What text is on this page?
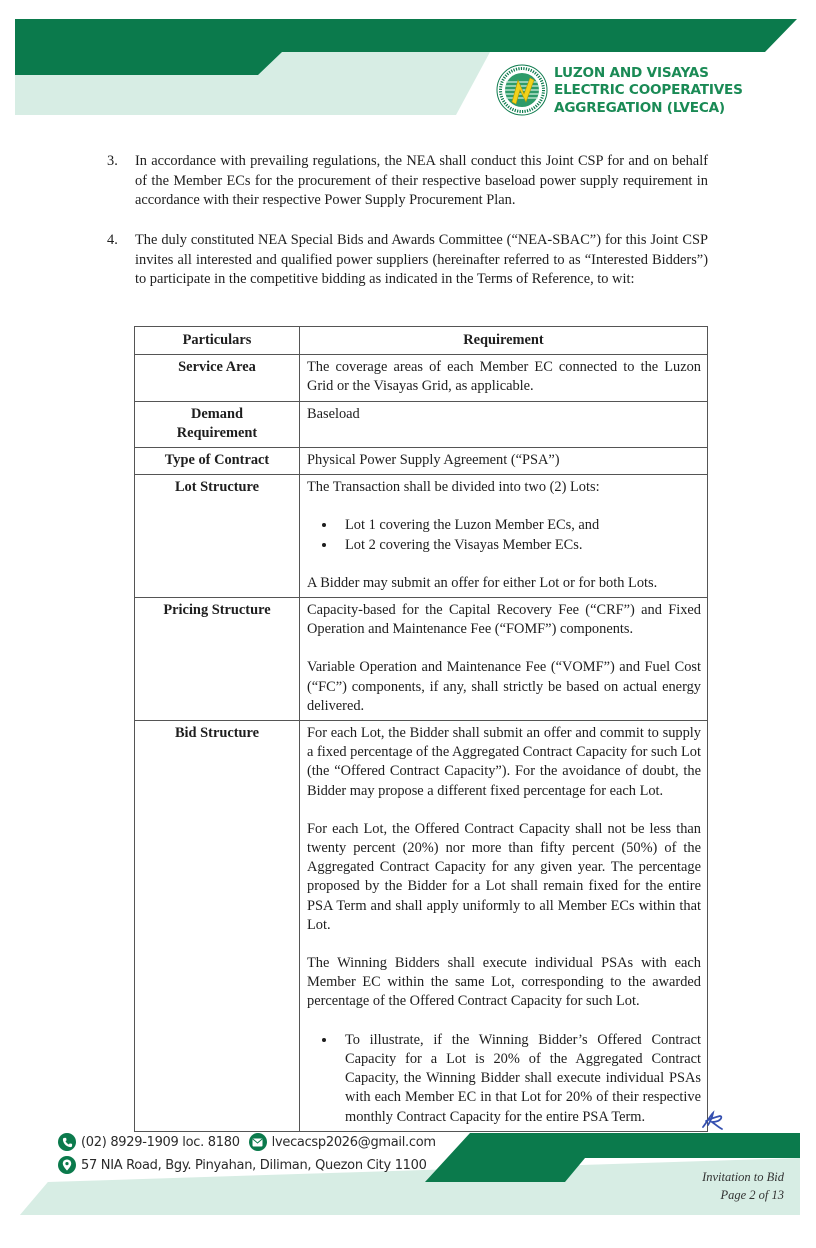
LUZON AND VISAYAS
ELECTRIC COOPERATIVES
AGGREGATION (LVECA)
3. In accordance with prevailing regulations, the NEA shall conduct this Joint CSP for and on behalf of the Member ECs for the procurement of their respective baseload power supply requirement in accordance with their respective Power Supply Procurement Plan.
4. The duly constituted NEA Special Bids and Awards Committee (“NEA-SBAC”) for this Joint CSP invites all interested and qualified power suppliers (hereinafter referred to as “Interested Bidders”) to participate in the competitive bidding as indicated in the Terms of Reference, to wit:
Particulars	Requirement
Service Area	The coverage areas of each Member EC connected to the Luzon Grid or the Visayas Grid, as applicable.
Demand Requirement	Baseload
Type of Contract	Physical Power Supply Agreement (“PSA”)
Lot Structure	The Transaction shall be divided into two (2) Lots:

• Lot 1 covering the Luzon Member ECs, and
• Lot 2 covering the Visayas Member ECs.

A Bidder may submit an offer for either Lot or for both Lots.

Pricing Structure	Capacity-based for the Capital Recovery Fee (“CRF”) and Fixed Operation and Maintenance Fee (“FOMF”) components.

Variable Operation and Maintenance Fee (“VOMF”) and Fuel Cost (“FC”) components, if any, shall strictly be based on actual energy delivered.

Bid Structure	For each Lot, the Bidder shall submit an offer and commit to supply a fixed percentage of the Aggregated Contract Capacity for such Lot (the “Offered Contract Capacity”). For the avoidance of doubt, the Bidder may propose a different fixed percentage for each Lot.

For each Lot, the Offered Contract Capacity shall not be less than twenty percent (20%) nor more than fifty percent (50%) of the Aggregated Contract Capacity for any given year. The percentage proposed by the Bidder for a Lot shall remain fixed for the entire PSA Term and shall apply uniformly to all Member ECs within that Lot.

The Winning Bidders shall execute individual PSAs with each Member EC within the same Lot, corresponding to the awarded percentage of the Offered Contract Capacity for such Lot.

• To illustrate, if the Winning Bidder’s Offered Contract Capacity for a Lot is 20% of the Aggregated Contract Capacity, the Winning Bidder shall execute individual PSAs with each Member EC in that Lot for 20% of their respective monthly Contract Capacity for the entire PSA Term.
(02) 8929-1909 loc. 8180 lvecacsp2026@gmail.com
57 NIA Road, Bgy. Pinyahan, Diliman, Quezon City 1100
Invitation to Bid
Page 2 of 13
